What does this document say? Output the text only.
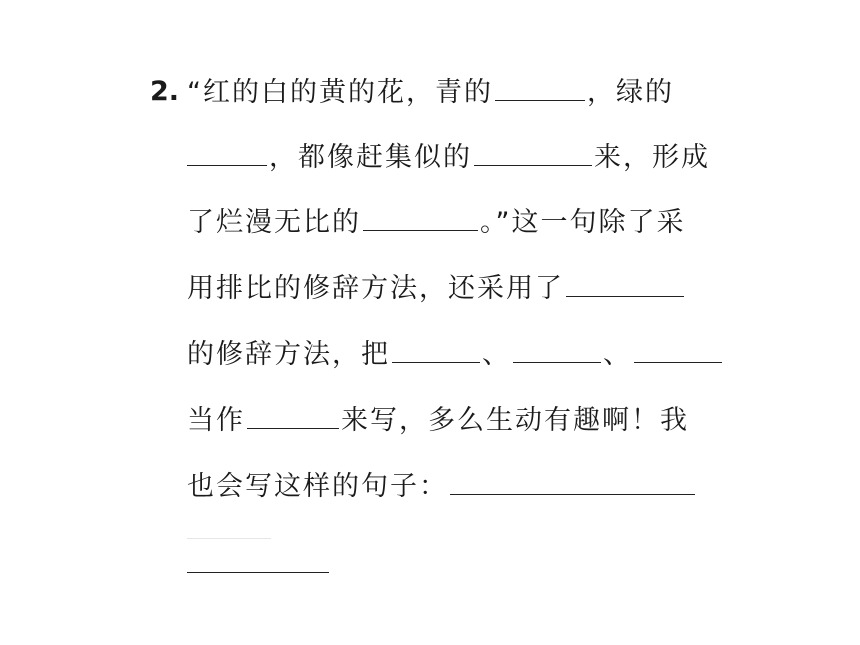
2. “红的白的黄的花，青的	，绿的
，都像赶集似的	来，形成
了烂漫无比的	。”这一句除了采
用排比的修辞方法，还采用了
的修辞方法，把	、	、
当作	来写，多么生动有趣啊！我
也会写这样的句子：
